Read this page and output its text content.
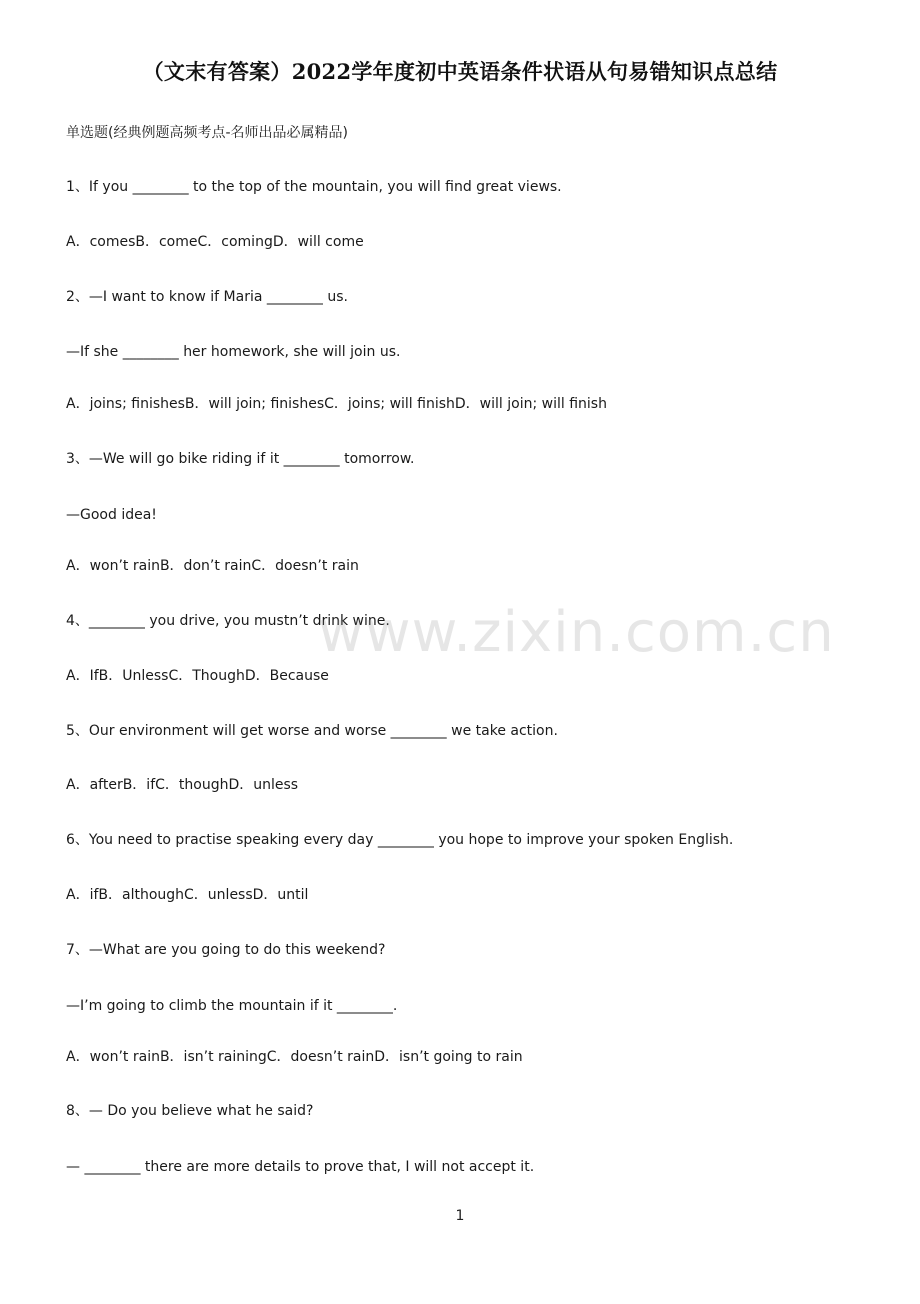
（文末有答案）2022学年度初中英语条件状语从句易错知识点总结
单选题(经典例题高频考点-名师出品必属精品)
1、If you ________ to the top of the mountain, you will find great views.
A．comesB．comeC．comingD．will come
2、—I want to know if Maria ________ us.
—If she ________ her homework, she will join us.
A．joins; finishesB．will join; finishesC．joins; will finishD．will join; will finish
3、—We will go bike riding if it ________ tomorrow.
—Good idea!
A．won’t rainB．don’t rainC．doesn’t rain
4、________ you drive, you mustn’t drink wine.
A．IfB．UnlessC．ThoughD．Because
5、Our environment will get worse and worse ________ we take action.
A．afterB．ifC．thoughD．unless
6、You need to practise speaking every day ________ you hope to improve your spoken English.
A．ifB．althoughC．unlessD．until
7、—What are you going to do this weekend?
—I’m going to climb the mountain if it ________.
A．won’t rainB．isn’t rainingC．doesn’t rainD．isn’t going to rain
8、— Do you believe what he said?
— ________ there are more details to prove that, I will not accept it.
www.zixin.com.cn
1
